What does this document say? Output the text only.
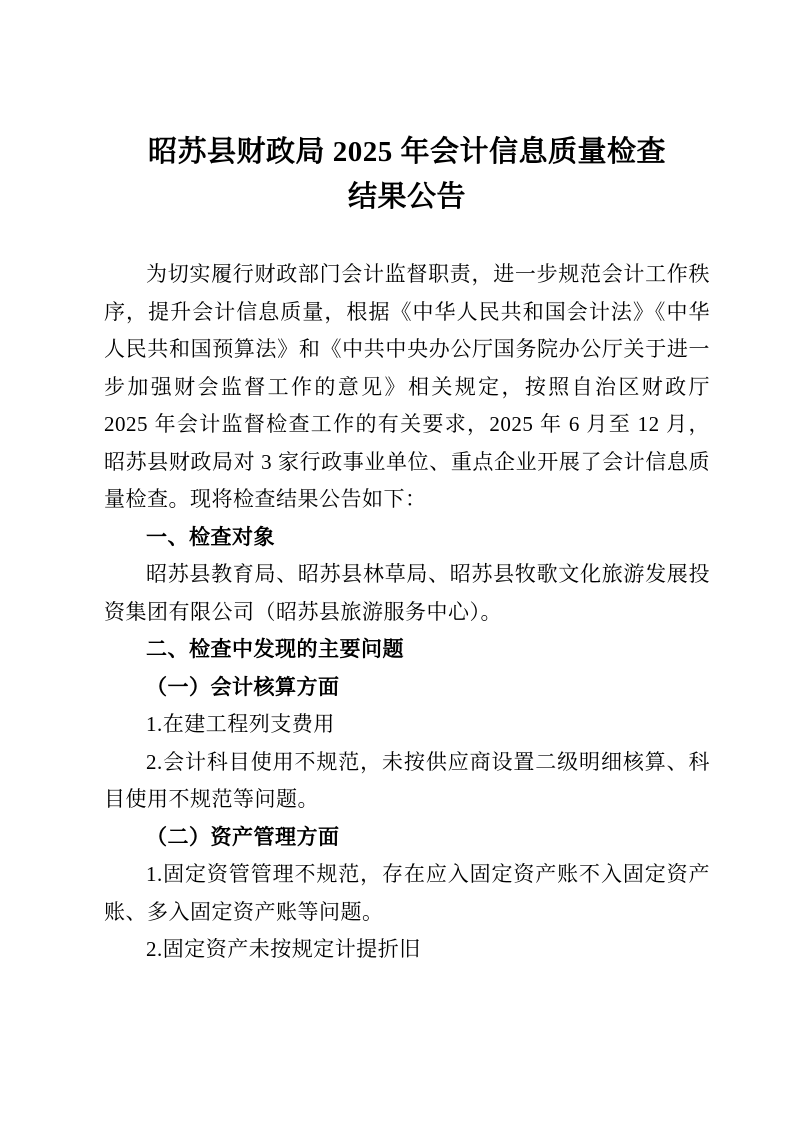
昭苏县财政局 2025 年会计信息质量检查
结果公告

为切实履行财政部门会计监督职责，进一步规范会计工作秩序，提升会计信息质量，根据《中华人民共和国会计法》《中华人民共和国预算法》和《中共中央办公厅国务院办公厅关于进一步加强财会监督工作的意见》相关规定，按照自治区财政厅 2025 年会计监督检查工作的有关要求，2025 年 6 月至 12 月，昭苏县财政局对 3 家行政事业单位、重点企业开展了会计信息质量检查。现将检查结果公告如下：

一、检查对象

昭苏县教育局、昭苏县林草局、昭苏县牧歌文化旅游发展投资集团有限公司（昭苏县旅游服务中心）。

二、检查中发现的主要问题

（一）会计核算方面

1.在建工程列支费用

2.会计科目使用不规范，未按供应商设置二级明细核算、科目使用不规范等问题。

（二）资产管理方面

1.固定资管管理不规范，存在应入固定资产账不入固定资产账、多入固定资产账等问题。

2.固定资产未按规定计提折旧
